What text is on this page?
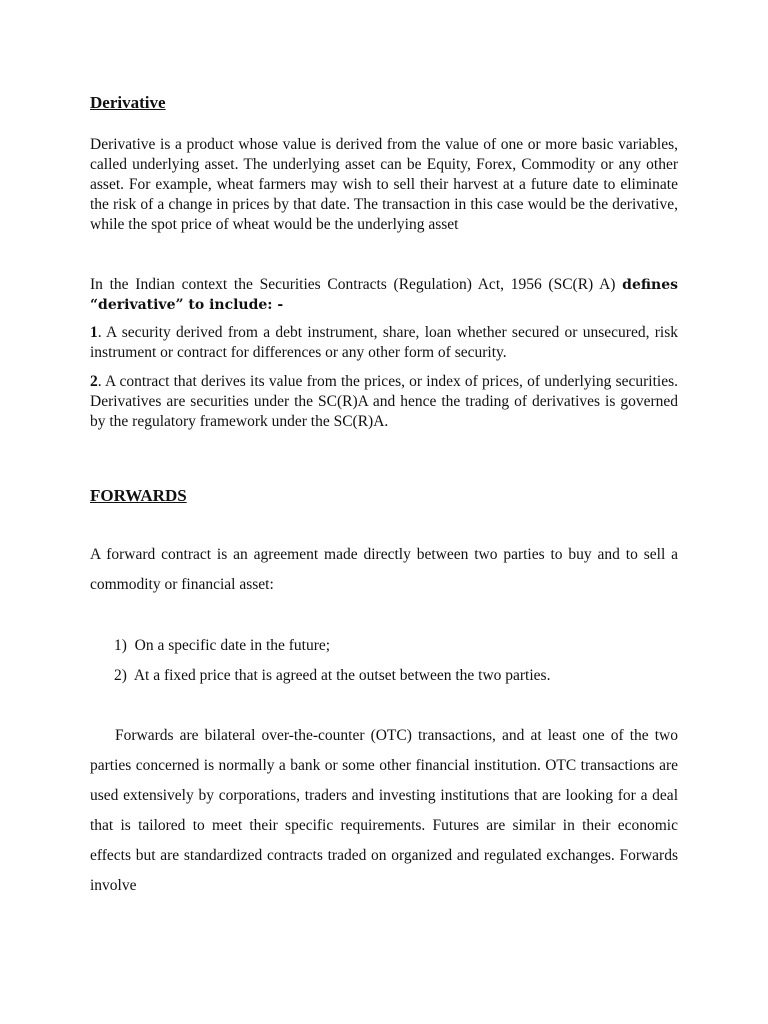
Derivative

Derivative is a product whose value is derived from the value of one or more basic variables, called underlying asset. The underlying asset can be Equity, Forex, Commodity or any other asset. For example, wheat farmers may wish to sell their harvest at a future date to eliminate the risk of a change in prices by that date. The transaction in this case would be the derivative, while the spot price of wheat would be the underlying asset

In the Indian context the Securities Contracts (Regulation) Act, 1956 (SC(R) A) defines “derivative” to include: -

1. A security derived from a debt instrument, share, loan whether secured or unsecured, risk instrument or contract for differences or any other form of security.

2. A contract that derives its value from the prices, or index of prices, of underlying securities. Derivatives are securities under the SC(R)A and hence the trading of derivatives is governed by the regulatory framework under the SC(R)A.

FORWARDS

A forward contract is an agreement made directly between two parties to buy and to sell a commodity or financial asset:

1) On a specific date in the future;
2) At a fixed price that is agreed at the outset between the two parties.

Forwards are bilateral over-the-counter (OTC) transactions, and at least one of the two parties concerned is normally a bank or some other financial institution. OTC transactions are used extensively by corporations, traders and investing institutions that are looking for a deal that is tailored to meet their specific requirements. Futures are similar in their economic effects but are standardized contracts traded on organized and regulated exchanges. Forwards involve
